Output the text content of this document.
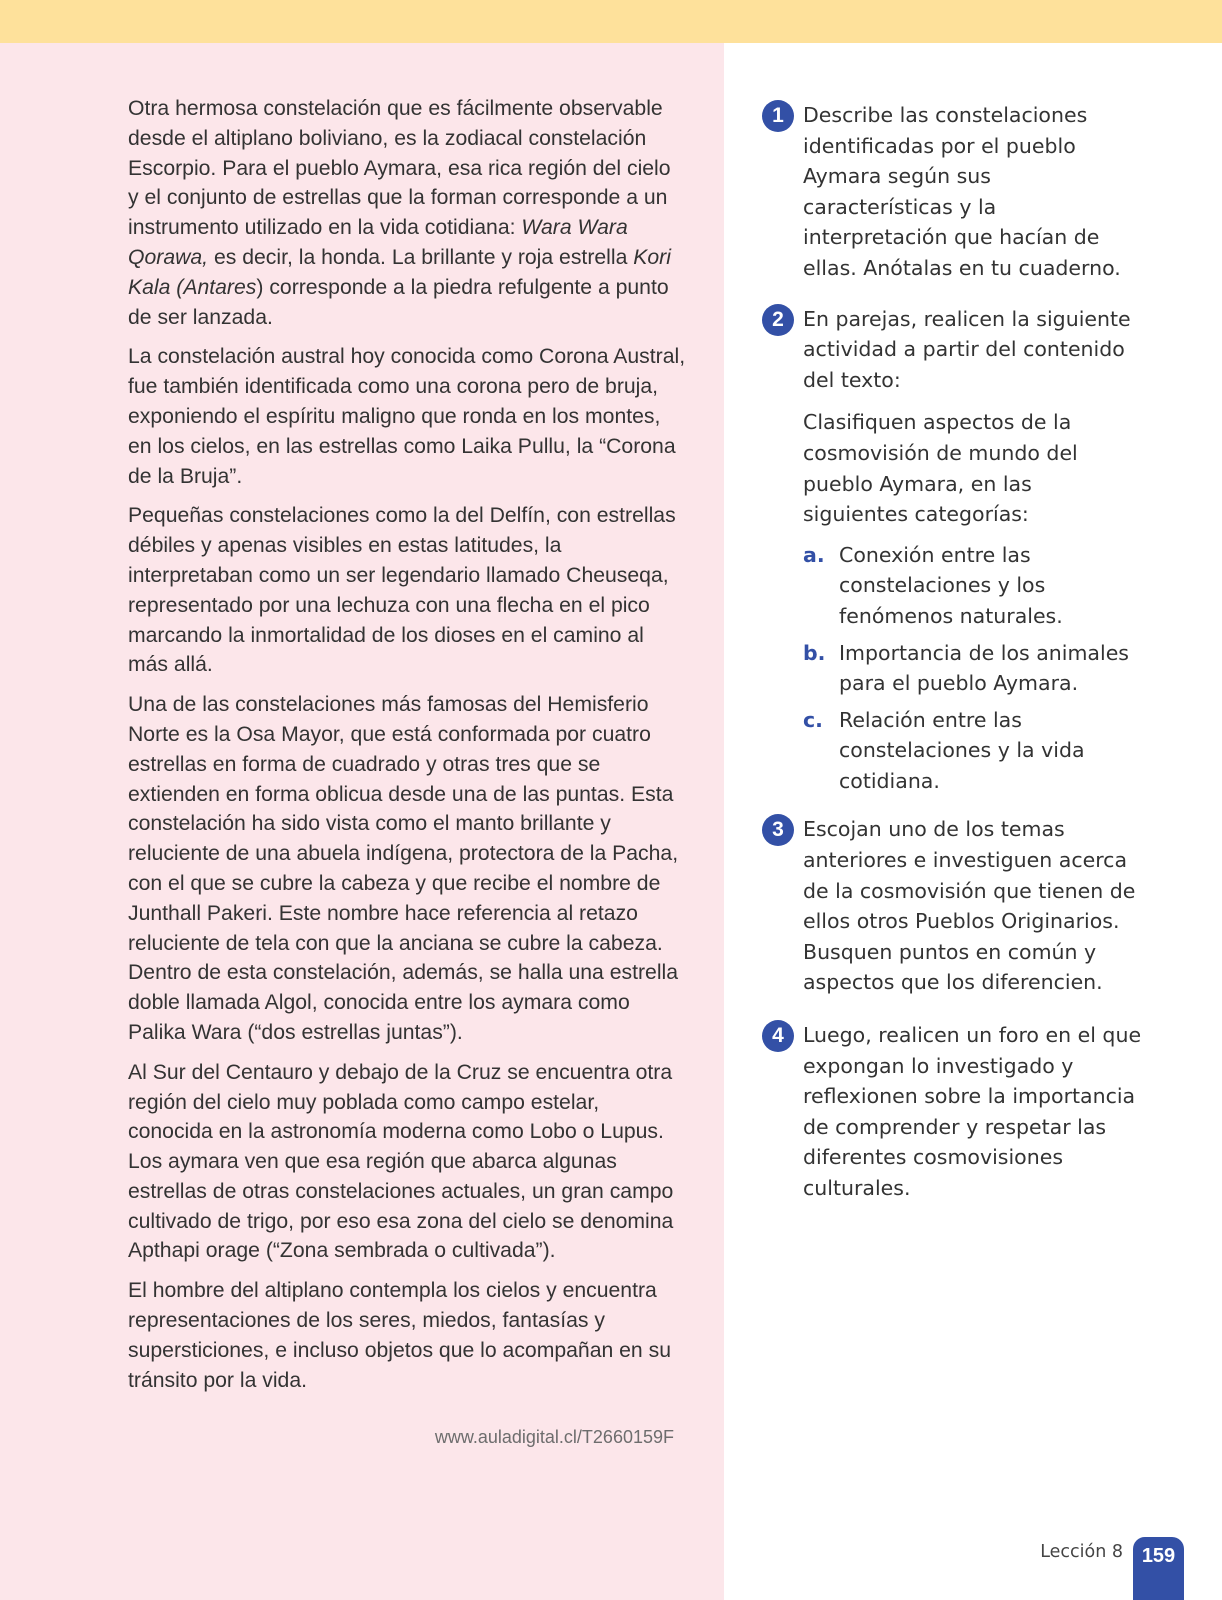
Otra hermosa constelación que es fácilmente observable desde el altiplano boliviano, es la zodiacal constelación Escorpio. Para el pueblo Aymara, esa rica región del cielo y el conjunto de estrellas que la forman corresponde a un instrumento utilizado en la vida cotidiana: Wara Wara Qorawa, es decir, la honda. La brillante y roja estrella Kori Kala (Antares) corresponde a la piedra refulgente a punto de ser lanzada.

La constelación austral hoy conocida como Corona Austral, fue también identificada como una corona pero de bruja, exponiendo el espíritu maligno que ronda en los montes, en los cielos, en las estrellas como Laika Pullu, la “Corona de la Bruja”.

Pequeñas constelaciones como la del Delfín, con estrellas débiles y apenas visibles en estas latitudes, la interpretaban como un ser legendario llamado Cheuseqa, representado por una lechuza con una flecha en el pico marcando la inmortalidad de los dioses en el camino al más allá.

Una de las constelaciones más famosas del Hemisferio Norte es la Osa Mayor, que está conformada por cuatro estrellas en forma de cuadrado y otras tres que se extienden en forma oblicua desde una de las puntas. Esta constelación ha sido vista como el manto brillante y reluciente de una abuela indígena, protectora de la Pacha, con el que se cubre la cabeza y que recibe el nombre de Junthall Pakeri. Este nombre hace referencia al retazo reluciente de tela con que la anciana se cubre la cabeza. Dentro de esta constelación, además, se halla una estrella doble llamada Algol, conocida entre los aymara como Palika Wara (“dos estrellas juntas”).

Al Sur del Centauro y debajo de la Cruz se encuentra otra región del cielo muy poblada como campo estelar, conocida en la astronomía moderna como Lobo o Lupus. Los aymara ven que esa región que abarca algunas estrellas de otras constelaciones actuales, un gran campo cultivado de trigo, por eso esa zona del cielo se denomina Apthapi orage (“Zona sembrada o cultivada”).

El hombre del altiplano contempla los cielos y encuentra representaciones de los seres, miedos, fantasías y supersticiones, e incluso objetos que lo acompañan en su tránsito por la vida.

www.auladigital.cl/T2660159F
1 Describe las constelaciones identificadas por el pueblo Aymara según sus características y la interpretación que hacían de ellas. Anótalas en tu cuaderno.

2 En parejas, realicen la siguiente actividad a partir del contenido del texto:

Clasifiquen aspectos de la cosmovisión de mundo del pueblo Aymara, en las siguientes categorías:

a. Conexión entre las constelaciones y los fenómenos naturales.
b. Importancia de los animales para el pueblo Aymara.
c. Relación entre las constelaciones y la vida cotidiana.
3 Escojan uno de los temas anteriores e investiguen acerca de la cosmovisión que tienen de ellos otros Pueblos Originarios. Busquen puntos en común y aspectos que los diferencien.

4 Luego, realicen un foro en el que expongan lo investigado y reflexionen sobre la importancia de comprender y respetar las diferentes cosmovisiones culturales.

Lección 8 159
